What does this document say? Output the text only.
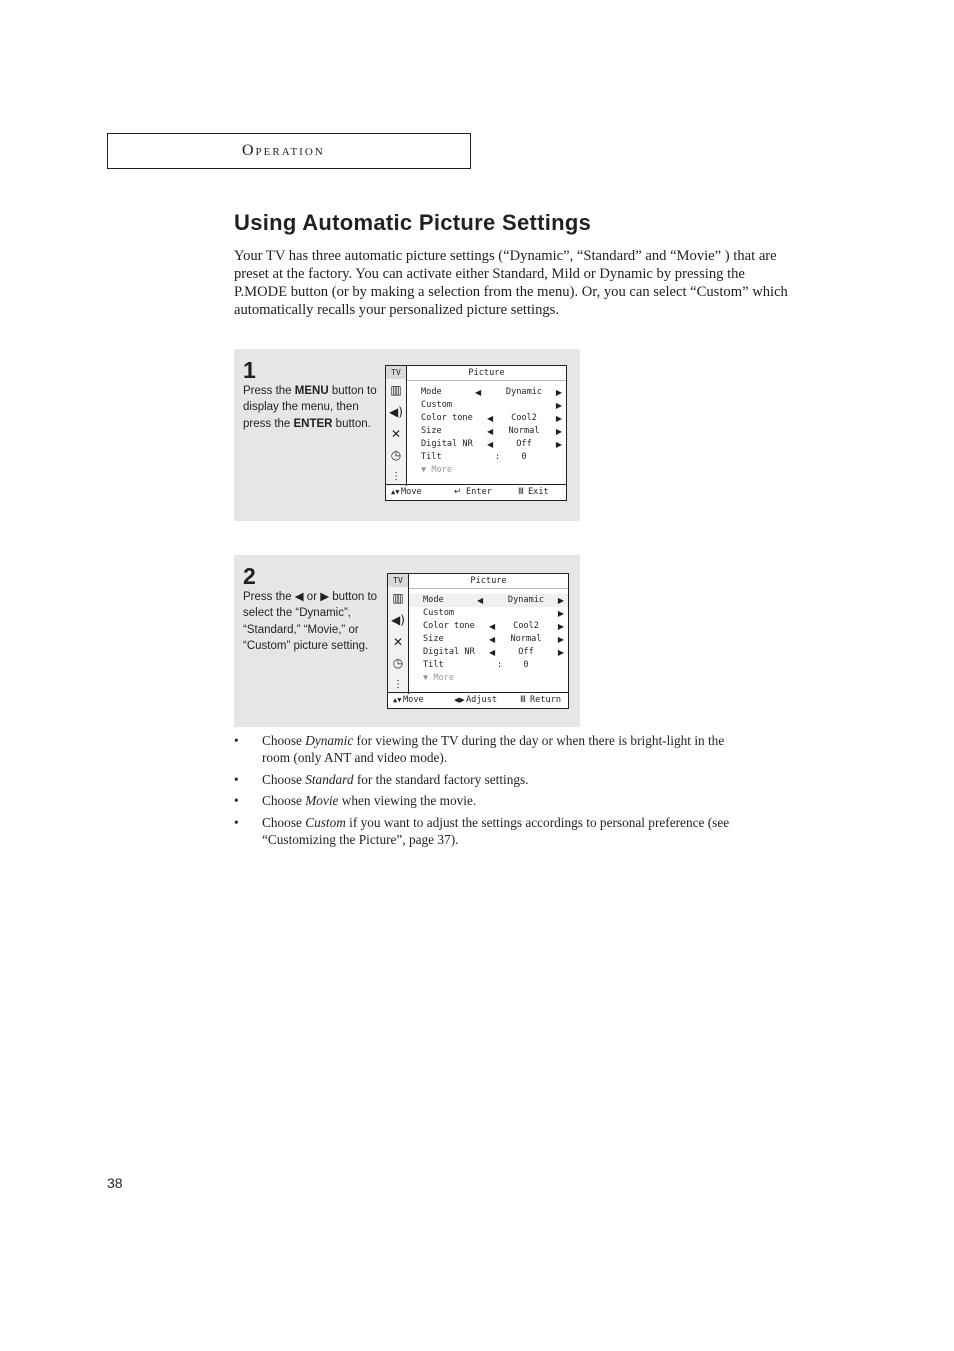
Operation
Using Automatic Picture Settings

Your TV has three automatic picture settings (“Dynamic”, “Standard” and “Movie” ) that are preset at the factory. You can activate either Standard, Mild or Dynamic by pressing the P.MODE button (or by making a selection from the menu). Or, you can select “Custom” which automatically recalls your personalized picture settings.

1
Press the MENU button to display the menu, then press the ENTER button.
TV
▥
◀)
✕
◷
⫶
Picture
Mode	◀	Dynamic	▶
Custom	▶
Color tone ◀	Cool2	▶
Size	◀	Normal	▶
Digital NR ◀	Off	▶
Tilt	:	0
▼ More
▲▼ Move	↵ Enter	Ⅲ Exit
2
Press the ◀ or ▶ button to select the “Dynamic”, “Standard,” “Movie,” or “Custom” picture setting.
TV
▥
◀)
✕
◷
⫶
Picture
Mode	◀	Dynamic	▶
Custom	▶
Color tone ◀	Cool2	▶
Size	◀	Normal	▶
Digital NR ◀	Off	▶
Tilt	:	0
▼ More
▲▼ Move	◀▶ Adjust	Ⅲ Return
• Choose Dynamic for viewing the TV during the day or when there is bright-light in the room (only ANT and video mode).
• Choose Standard for the standard factory settings.
• Choose Movie when viewing the movie.
• Choose Custom if you want to adjust the settings accordings to personal preference (see “Customizing the Picture”, page 37).
38
